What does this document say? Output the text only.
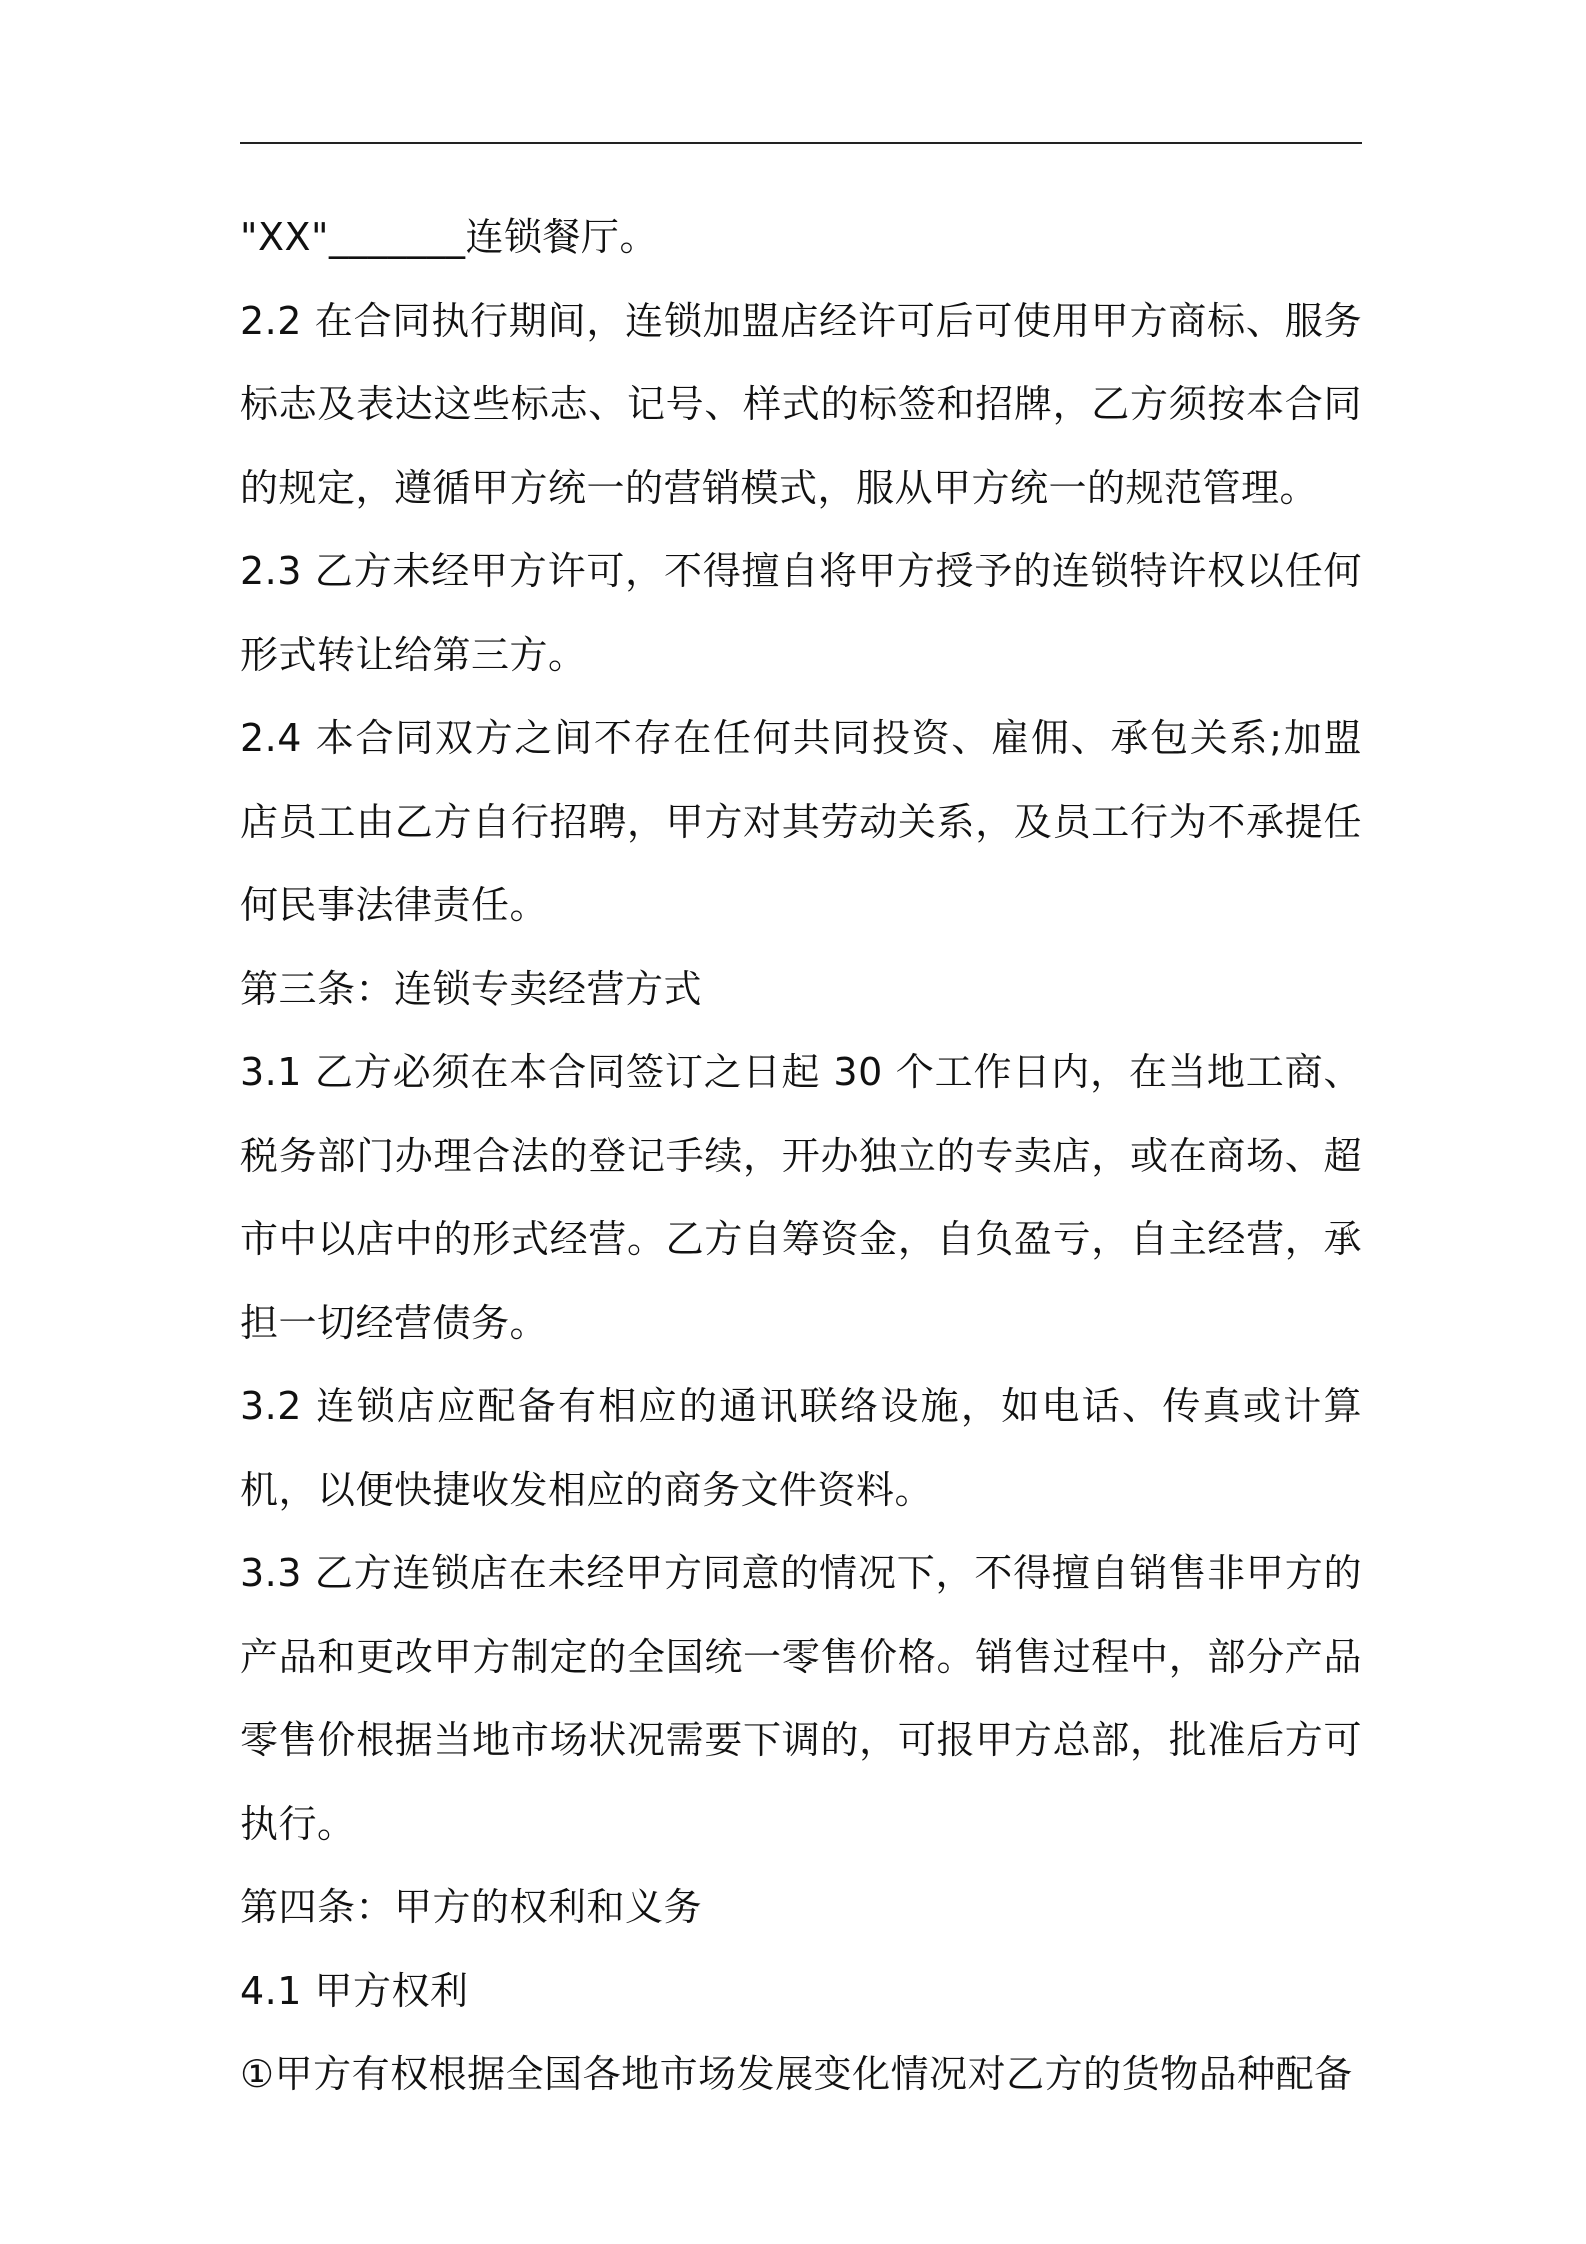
"XX"_______连锁餐厅。

2.2 在合同执行期间，连锁加盟店经许可后可使用甲方商标、服务标志及表达这些标志、记号、样式的标签和招牌，乙方须按本合同的规定，遵循甲方统一的营销模式，服从甲方统一的规范管理。

2.3 乙方未经甲方许可，不得擅自将甲方授予的连锁特许权以任何形式转让给第三方。

2.4 本合同双方之间不存在任何共同投资、雇佣、承包关系;加盟店员工由乙方自行招聘，甲方对其劳动关系，及员工行为不承提任何民事法律责任。

第三条：连锁专卖经营方式

3.1 乙方必须在本合同签订之日起 30 个工作日内，在当地工商、税务部门办理合法的登记手续，开办独立的专卖店，或在商场、超市中以店中的形式经营。乙方自筹资金，自负盈亏，自主经营，承担一切经营债务。

3.2 连锁店应配备有相应的通讯联络设施，如电话、传真或计算机，以便快捷收发相应的商务文件资料。

3.3 乙方连锁店在未经甲方同意的情况下，不得擅自销售非甲方的产品和更改甲方制定的全国统一零售价格。销售过程中，部分产品零售价根据当地市场状况需要下调的，可报甲方总部，批准后方可执行。

第四条：甲方的权利和义务

4.1 甲方权利

①甲方有权根据全国各地市场发展变化情况对乙方的货物品种配备
